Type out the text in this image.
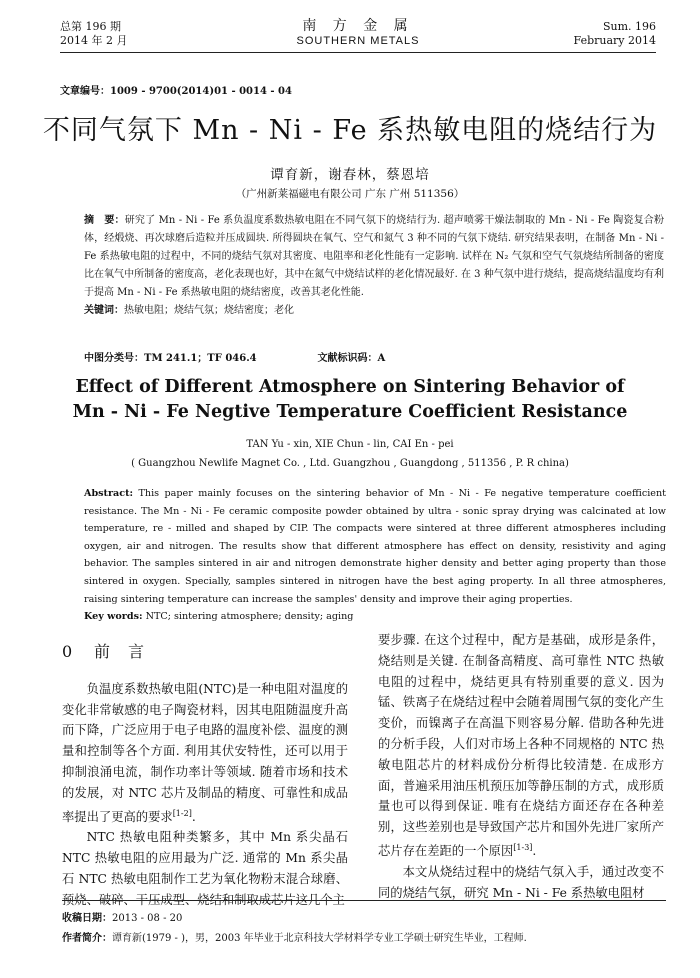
总第 196 期
2014 年 2 月
南 方 金 属
SOUTHERN METALS
Sum. 196
February 2014
文章编号：1009 - 9700(2014)01 - 0014 - 04
不同气氛下 Mn - Ni - Fe 系热敏电阻的烧结行为
谭育新，谢春林，蔡恩培
（广州新莱福磁电有限公司 广东 广州 511356）
摘　要：研究了 Mn - Ni - Fe 系负温度系数热敏电阻在不同气氛下的烧结行为. 超声喷雾干燥法制取的 Mn - Ni - Fe 陶瓷复合粉体，经煅烧、再次球磨后造粒并压成圆块. 所得圆块在氧气、空气和氮气 3 种不同的气氛下烧结. 研究结果表明，在制备 Mn - Ni - Fe 系热敏电阻的过程中，不同的烧结气氛对其密度、电阻率和老化性能有一定影响. 试样在 N₂ 气氛和空气气氛烧结所制备的密度比在氧气中所制备的密度高，老化表现也好，其中在氮气中烧结试样的老化情况最好. 在 3 种气氛中进行烧结，提高烧结温度均有利于提高 Mn - Ni - Fe 系热敏电阻的烧结密度，改善其老化性能.
关键词：热敏电阻；烧结气氛；烧结密度；老化
中图分类号：TM 241.1；TF 046.4	文献标识码：A
Effect of Different Atmosphere on Sintering Behavior of
Mn - Ni - Fe Negtive Temperature Coefficient Resistance
TAN Yu - xin, XIE Chun - lin, CAI En - pei
( Guangzhou Newlife Magnet Co. , Ltd. Guangzhou , Guangdong , 511356 , P. R china)
Abstract: This paper mainly focuses on the sintering behavior of Mn - Ni - Fe negative temperature coefficient resistance. The Mn - Ni - Fe ceramic composite powder obtained by ultra - sonic spray drying was calcinated at low temperature, re - milled and shaped by CIP. The compacts were sintered at three different atmospheres including oxygen, air and nitrogen. The results show that different atmosphere has effect on density, resistivity and aging behavior. The samples sintered in air and nitrogen demonstrate higher density and better aging property than those sintered in oxygen. Specially, samples sintered in nitrogen have the best aging property. In all three atmospheres, raising sintering temperature can increase the samples' density and improve their aging properties.
Key words: NTC; sintering atmosphere; density; aging
0 前　言

负温度系数热敏电阻(NTC)是一种电阻对温度的变化非常敏感的电子陶瓷材料，因其电阻随温度升高而下降，广泛应用于电子电路的温度补偿、温度的测量和控制等各个方面. 利用其伏安特性，还可以用于抑制浪涌电流，制作功率计等领域. 随着市场和技术的发展，对 NTC 芯片及制品的精度、可靠性和成品率提出了更高的要求[1-2].

NTC 热敏电阻种类繁多，其中 Mn 系尖晶石 NTC 热敏电阻的应用最为广泛. 通常的 Mn 系尖晶石 NTC 热敏电阻制作工艺为氧化物粉末混合球磨、预烧、破碎、干压成型、烧结和制取成芯片这几个主

要步骤. 在这个过程中，配方是基础，成形是条件，烧结则是关键. 在制备高精度、高可靠性 NTC 热敏电阻的过程中，烧结更具有特别重要的意义. 因为锰、铁离子在烧结过程中会随着周围气氛的变化产生变价，而镍离子在高温下则容易分解. 借助各种先进的分析手段，人们对市场上各种不同规格的 NTC 热敏电阻芯片的材料成份分析得比较清楚. 在成形方面，普遍采用油压机预压加等静压制的方式，成形质量也可以得到保证. 唯有在烧结方面还存在各种差别，这些差别也是导致国产芯片和国外先进厂家所产芯片存在差距的一个原因[1-3].

本文从烧结过程中的烧结气氛入手，通过改变不同的烧结气氛，研究 Mn - Ni - Fe 系热敏电阻材

收稿日期：2013 - 08 - 20
作者简介：谭育新(1979 - )，男，2003 年毕业于北京科技大学材料学专业工学硕士研究生毕业，工程师.
